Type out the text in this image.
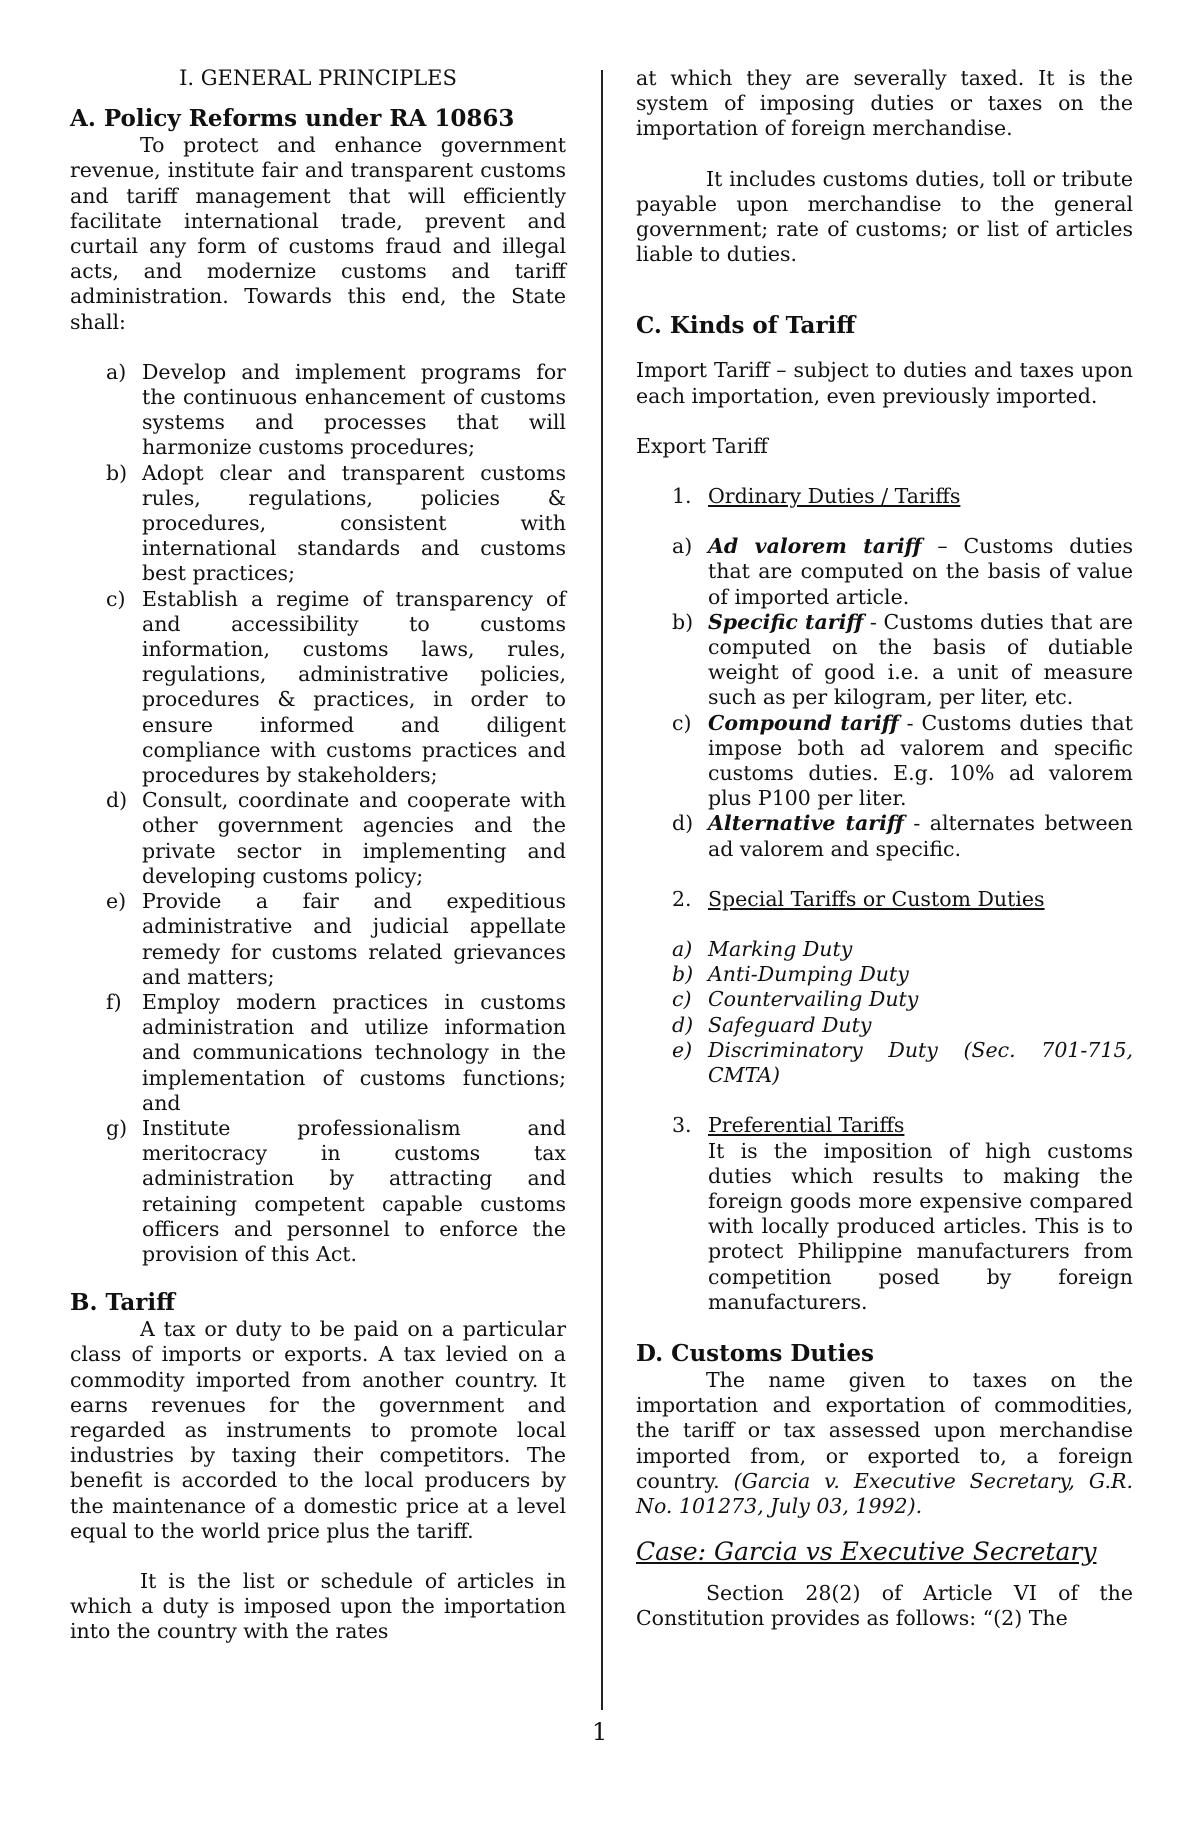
I. GENERAL PRINCIPLES

A. Policy Reforms under RA 10863

To protect and enhance government revenue, institute fair and transparent customs and tariff management that will efficiently facilitate international trade, prevent and curtail any form of customs fraud and illegal acts, and modernize customs and tariff administration. Towards this end, the State shall:

a) Develop and implement programs for the continuous enhancement of customs systems and processes that will harmonize customs procedures;
b) Adopt clear and transparent customs rules, regulations, policies & procedures, consistent with international standards and customs best practices;
c) Establish a regime of transparency of and accessibility to customs information, customs laws, rules, regulations, administrative policies, procedures & practices, in order to ensure informed and diligent compliance with customs practices and procedures by stakeholders;
d) Consult, coordinate and cooperate with other government agencies and the private sector in implementing and developing customs policy;
e) Provide a fair and expeditious administrative and judicial appellate remedy for customs related grievances and matters;
f) Employ modern practices in customs administration and utilize information and communications technology in the implementation of customs functions; and
g) Institute professionalism and meritocracy in customs tax administration by attracting and retaining competent capable customs officers and personnel to enforce the provision of this Act.

B. Tariff

A tax or duty to be paid on a particular class of imports or exports. A tax levied on a commodity imported from another country. It earns revenues for the government and regarded as instruments to promote local industries by taxing their competitors. The benefit is accorded to the local producers by the maintenance of a domestic price at a level equal to the world price plus the tariff.

It is the list or schedule of articles in which a duty is imposed upon the importation into the country with the rates

at which they are severally taxed. It is the system of imposing duties or taxes on the importation of foreign merchandise.

It includes customs duties, toll or tribute payable upon merchandise to the general government; rate of customs; or list of articles liable to duties.

C. Kinds of Tariff

Import Tariff – subject to duties and taxes upon each importation, even previously imported.

Export Tariff

1. Ordinary Duties / Tariffs

a) Ad valorem tariff – Customs duties that are computed on the basis of value of imported article.
b) Specific tariff - Customs duties that are computed on the basis of dutiable weight of good i.e. a unit of measure such as per kilogram, per liter, etc.
c) Compound tariff - Customs duties that impose both ad valorem and specific customs duties. E.g. 10% ad valorem plus P100 per liter.
d) Alternative tariff - alternates between ad valorem and specific.

2. Special Tariffs or Custom Duties

a) Marking Duty
b) Anti-Dumping Duty
c) Countervailing Duty
d) Safeguard Duty
e) Discriminatory Duty (Sec. 701-715, CMTA)

3. Preferential Tariffs

It is the imposition of high customs duties which results to making the foreign goods more expensive compared with locally produced articles. This is to protect Philippine manufacturers from competition posed by foreign manufacturers.

D. Customs Duties

The name given to taxes on the importation and exportation of commodities, the tariff or tax assessed upon merchandise imported from, or exported to, a foreign country. (Garcia v. Executive Secretary, G.R. No. 101273, July 03, 1992).

Case: Garcia vs Executive Secretary

Section 28(2) of Article VI of the Constitution provides as follows: “(2) The

1
